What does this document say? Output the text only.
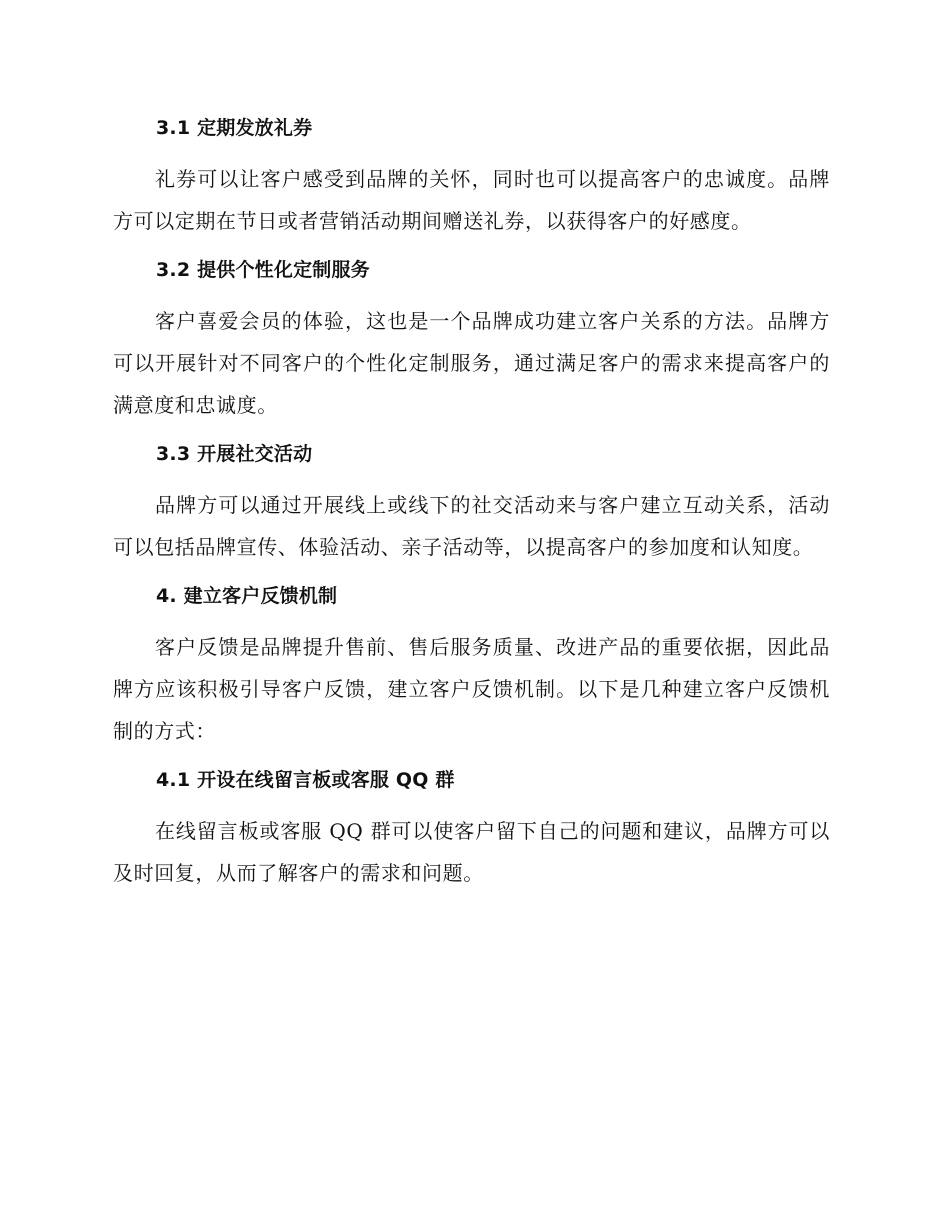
3.1 定期发放礼券

礼券可以让客户感受到品牌的关怀，同时也可以提高客户的忠诚度。品牌方可以定期在节日或者营销活动期间赠送礼券，以获得客户的好感度。

3.2 提供个性化定制服务

客户喜爱会员的体验，这也是一个品牌成功建立客户关系的方法。品牌方可以开展针对不同客户的个性化定制服务，通过满足客户的需求来提高客户的满意度和忠诚度。

3.3 开展社交活动

品牌方可以通过开展线上或线下的社交活动来与客户建立互动关系，活动可以包括品牌宣传、体验活动、亲子活动等，以提高客户的参加度和认知度。

4. 建立客户反馈机制

客户反馈是品牌提升售前、售后服务质量、改进产品的重要依据，因此品牌方应该积极引导客户反馈，建立客户反馈机制。以下是几种建立客户反馈机制的方式：

4.1 开设在线留言板或客服 QQ 群

在线留言板或客服 QQ 群可以使客户留下自己的问题和建议，品牌方可以及时回复，从而了解客户的需求和问题。
